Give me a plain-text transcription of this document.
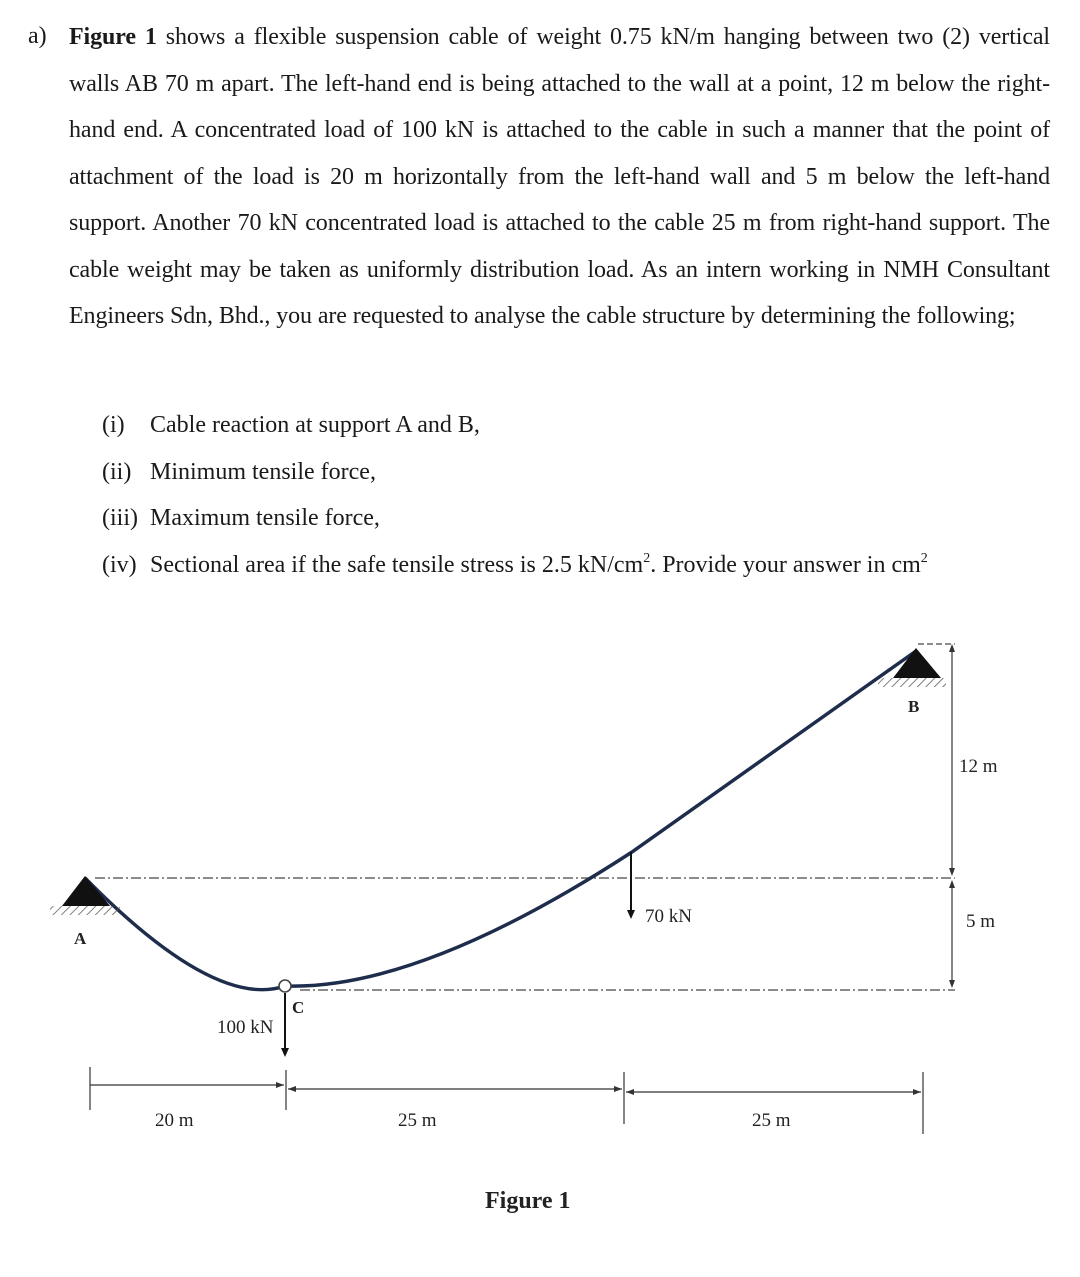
a) Figure 1 shows a flexible suspension cable of weight 0.75 kN/m hanging between two (2) vertical walls AB 70 m apart. The left-hand end is being attached to the wall at a point, 12 m below the right-hand end. A concentrated load of 100 kN is attached to the cable in such a manner that the point of attachment of the load is 20 m horizontally from the left-hand wall and 5 m below the left-hand support. Another 70 kN concentrated load is attached to the cable 25 m from right-hand support. The cable weight may be taken as uniformly distribution load. As an intern working in NMH Consultant Engineers Sdn, Bhd., you are requested to analyse the cable structure by determining the following;
(i) Cable reaction at support A and B,
(ii) Minimum tensile force,
(iii) Maximum tensile force,
(iv) Sectional area if the safe tensile stress is 2.5 $kN/cm^2$. Provide your answer in $cm^2$
A
B
C
100 kN
70 kN
12 m
5 m
20 m	25 m	25 m
Figure 1
